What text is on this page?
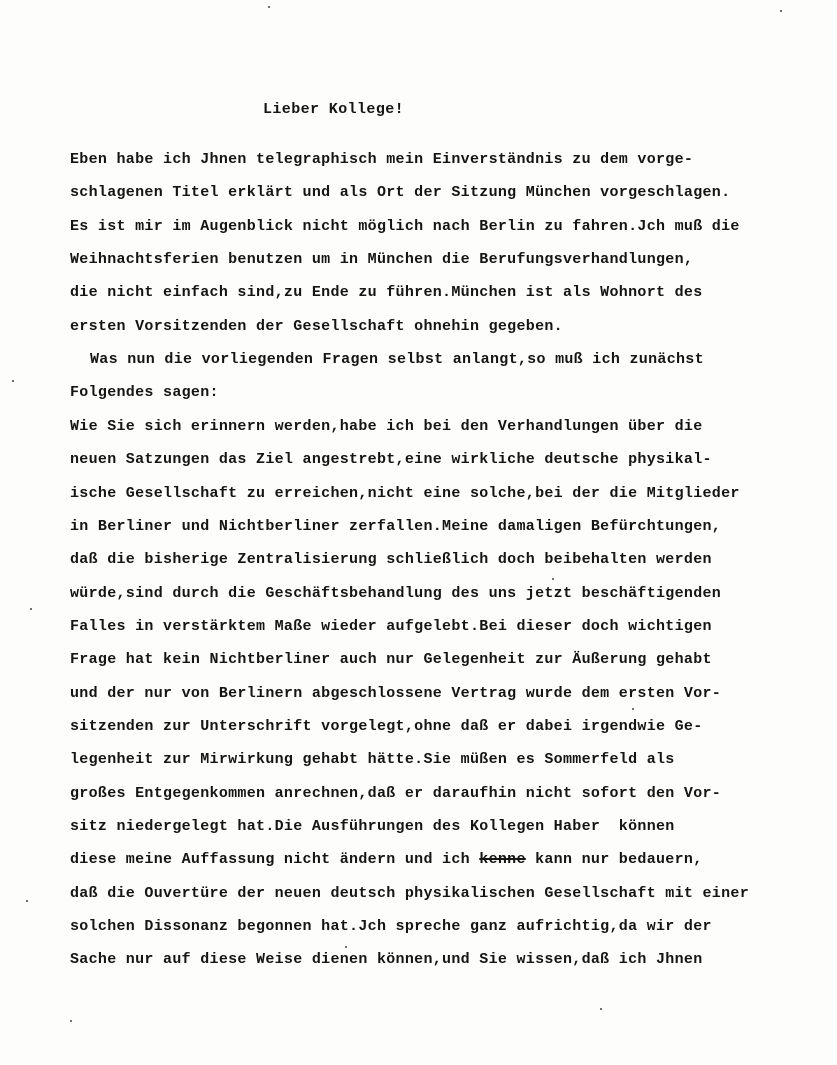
Lieber Kollege!
Eben habe ich Jhnen telegraphisch mein Einverständnis zu dem vorge-
schlagenen Titel erklärt und als Ort der Sitzung München vorgeschlagen.
Es ist mir im Augenblick nicht möglich nach Berlin zu fahren.Jch muß die
Weihnachtsferien benutzen um in München die Berufungsverhandlungen,
die nicht einfach sind,zu Ende zu führen.München ist als Wohnort des
ersten Vorsitzenden der Gesellschaft ohnehin gegeben.
Was nun die vorliegenden Fragen selbst anlangt,so muß ich zunächst
Folgendes sagen:
Wie Sie sich erinnern werden,habe ich bei den Verhandlungen über die
neuen Satzungen das Ziel angestrebt,eine wirkliche deutsche physikal-
ische Gesellschaft zu erreichen,nicht eine solche,bei der die Mitglieder
in Berliner und Nichtberliner zerfallen.Meine damaligen Befürchtungen,
daß die bisherige Zentralisierung schließlich doch beibehalten werden
würde,sind durch die Geschäftsbehandlung des uns jetzt beschäftigenden
Falles in verstärktem Maße wieder aufgelebt.Bei dieser doch wichtigen
Frage hat kein Nichtberliner auch nur Gelegenheit zur Äußerung gehabt
und der nur von Berlinern abgeschlossene Vertrag wurde dem ersten Vor-
sitzenden zur Unterschrift vorgelegt,ohne daß er dabei irgendwie Ge-
legenheit zur Mirwirkung gehabt hätte.Sie müßen es Sommerfeld als
großes Entgegenkommen anrechnen,daß er daraufhin nicht sofort den Vor-
sitz niedergelegt hat.Die Ausführungen des Kollegen Haber  können
diese meine Auffassung nicht ändern und ich kenne kann nur bedauern,
daß die Ouvertüre der neuen deutsch physikalischen Gesellschaft mit einer
solchen Dissonanz begonnen hat.Jch spreche ganz aufrichtig,da wir der
Sache nur auf diese Weise dienen können,und Sie wissen,daß ich Jhnen
